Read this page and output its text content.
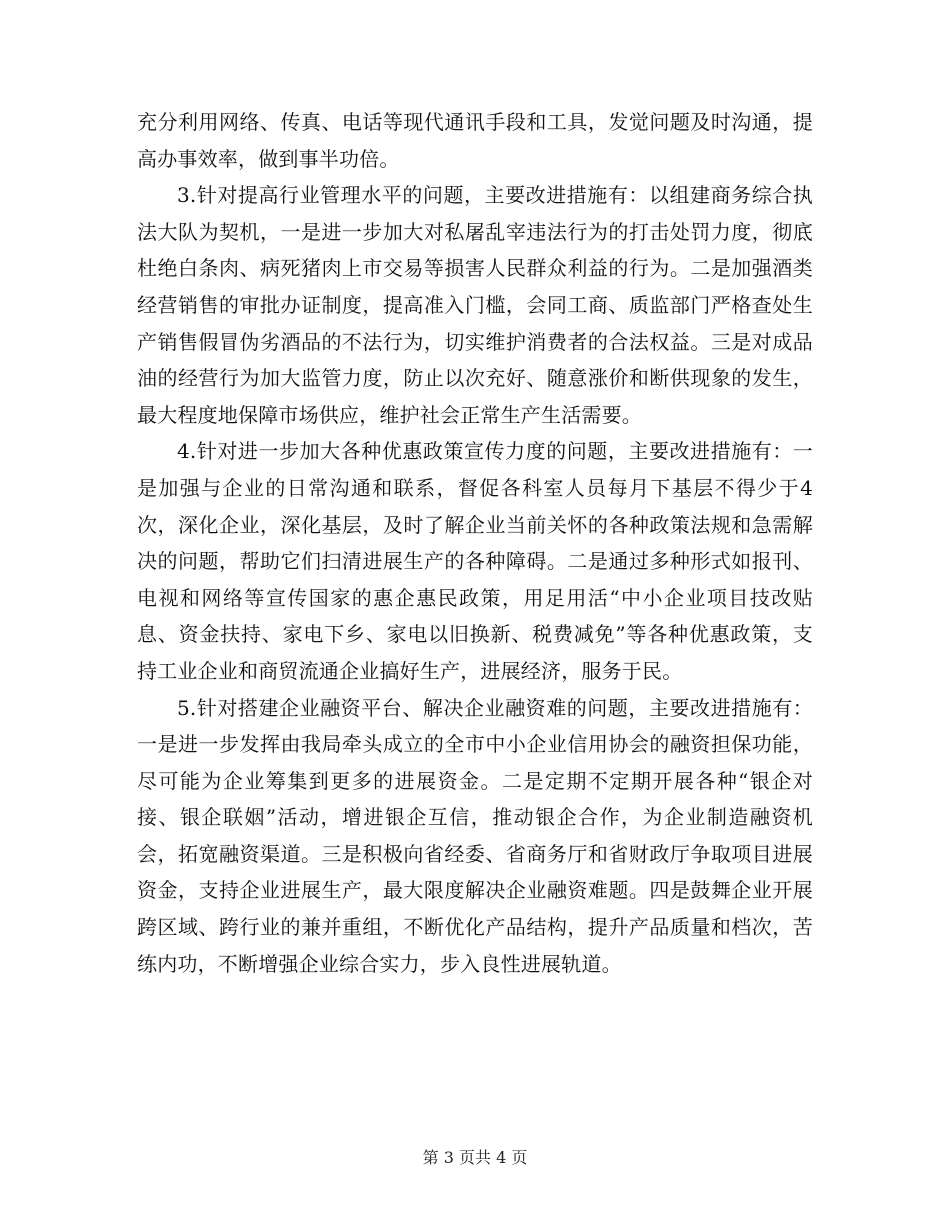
充分利用网络、传真、电话等现代通讯手段和工具，发觉问题及时沟通，提高办事效率，做到事半功倍。

3.针对提高行业管理水平的问题，主要改进措施有：以组建商务综合执法大队为契机，一是进一步加大对私屠乱宰违法行为的打击处罚力度，彻底杜绝白条肉、病死猪肉上市交易等损害人民群众利益的行为。二是加强酒类经营销售的审批办证制度，提高准入门槛，会同工商、质监部门严格查处生产销售假冒伪劣酒品的不法行为，切实维护消费者的合法权益。三是对成品油的经营行为加大监管力度，防止以次充好、随意涨价和断供现象的发生，最大程度地保障市场供应，维护社会正常生产生活需要。

4.针对进一步加大各种优惠政策宣传力度的问题，主要改进措施有：一是加强与企业的日常沟通和联系，督促各科室人员每月下基层不得少于4次，深化企业，深化基层，及时了解企业当前关怀的各种政策法规和急需解决的问题，帮助它们扫清进展生产的各种障碍。二是通过多种形式如报刊、电视和网络等宣传国家的惠企惠民政策，用足用活“中小企业项目技改贴息、资金扶持、家电下乡、家电以旧换新、税费减免”等各种优惠政策，支持工业企业和商贸流通企业搞好生产，进展经济，服务于民。

5.针对搭建企业融资平台、解决企业融资难的问题，主要改进措施有：一是进一步发挥由我局牵头成立的全市中小企业信用协会的融资担保功能，尽可能为企业筹集到更多的进展资金。二是定期不定期开展各种“银企对接、银企联姻”活动，增进银企互信，推动银企合作，为企业制造融资机会，拓宽融资渠道。三是积极向省经委、省商务厅和省财政厅争取项目进展资金，支持企业进展生产，最大限度解决企业融资难题。四是鼓舞企业开展跨区域、跨行业的兼并重组，不断优化产品结构，提升产品质量和档次，苦练内功，不断增强企业综合实力，步入良性进展轨道。

第 3 页共 4 页
